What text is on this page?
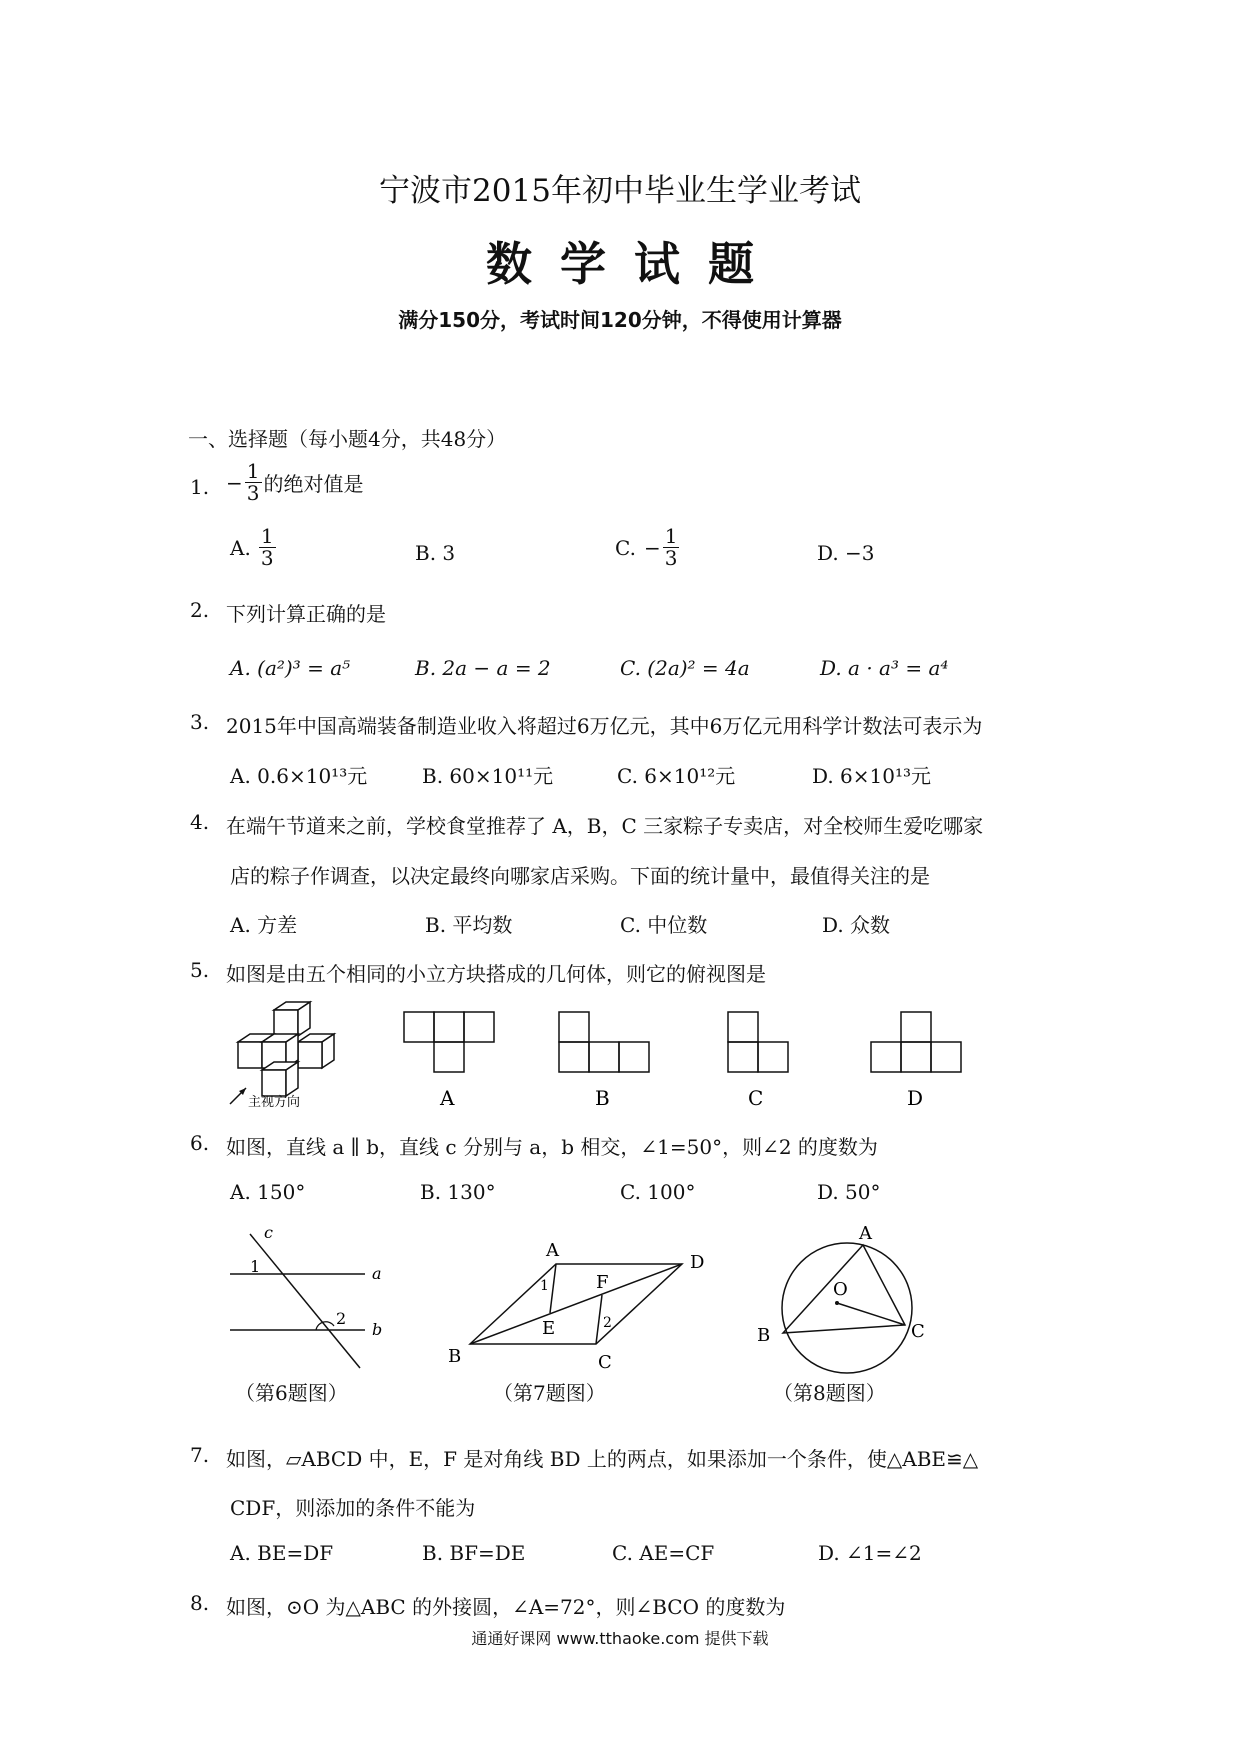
宁波市2015年初中毕业生学业考试
数学试题
满分150分，考试时间120分钟，不得使用计算器
一、选择题（每小题4分，共48分）
1. − $\frac{1}{3}$ 的绝对值是
A. $\frac{1}{3}$	B. 3	C. − $\frac{1}{3}$	D. −3
2. 下列计算正确的是
A. (a²)³ = a⁵	B. 2a − a = 2	C. (2a)² = 4a	D. a · a³ = a⁴
3. 2015年中国高端装备制造业收入将超过6万亿元，其中6万亿元用科学计数法可表示为
A. 0.6×10¹³元	B. 60×10¹¹元	C. 6×10¹²元	D. 6×10¹³元
4. 在端午节道来之前，学校食堂推荐了 A，B，C 三家粽子专卖店，对全校师生爱吃哪家
店的粽子作调查，以决定最终向哪家店采购。下面的统计量中，最值得关注的是
A. 方差	B. 平均数	C. 中位数	D. 众数
5. 如图是由五个相同的小立方块搭成的几何体，则它的俯视图是
主视方向	A	B	C	D
6. 如图，直线 a ∥ b，直线 c 分别与 a，b 相交，∠1=50°，则∠2 的度数为
A. 150°	B. 130°	C. 100°	D. 50°
c
1
2
a
b
（第6题图）
A
B	C
D
E
F
1
2
（第7题图）
A
B	C
O
（第8题图）
7. 如图，▱ABCD 中，E，F 是对角线 BD 上的两点，如果添加一个条件，使△ABE≌△
CDF，则添加的条件不能为
A. BE=DF	B. BF=DE	C. AE=CF	D. ∠1=∠2
8. 如图，⊙O 为△ABC 的外接圆，∠A=72°，则∠BCO 的度数为
通通好课网 www.tthaoke.com 提供下载
